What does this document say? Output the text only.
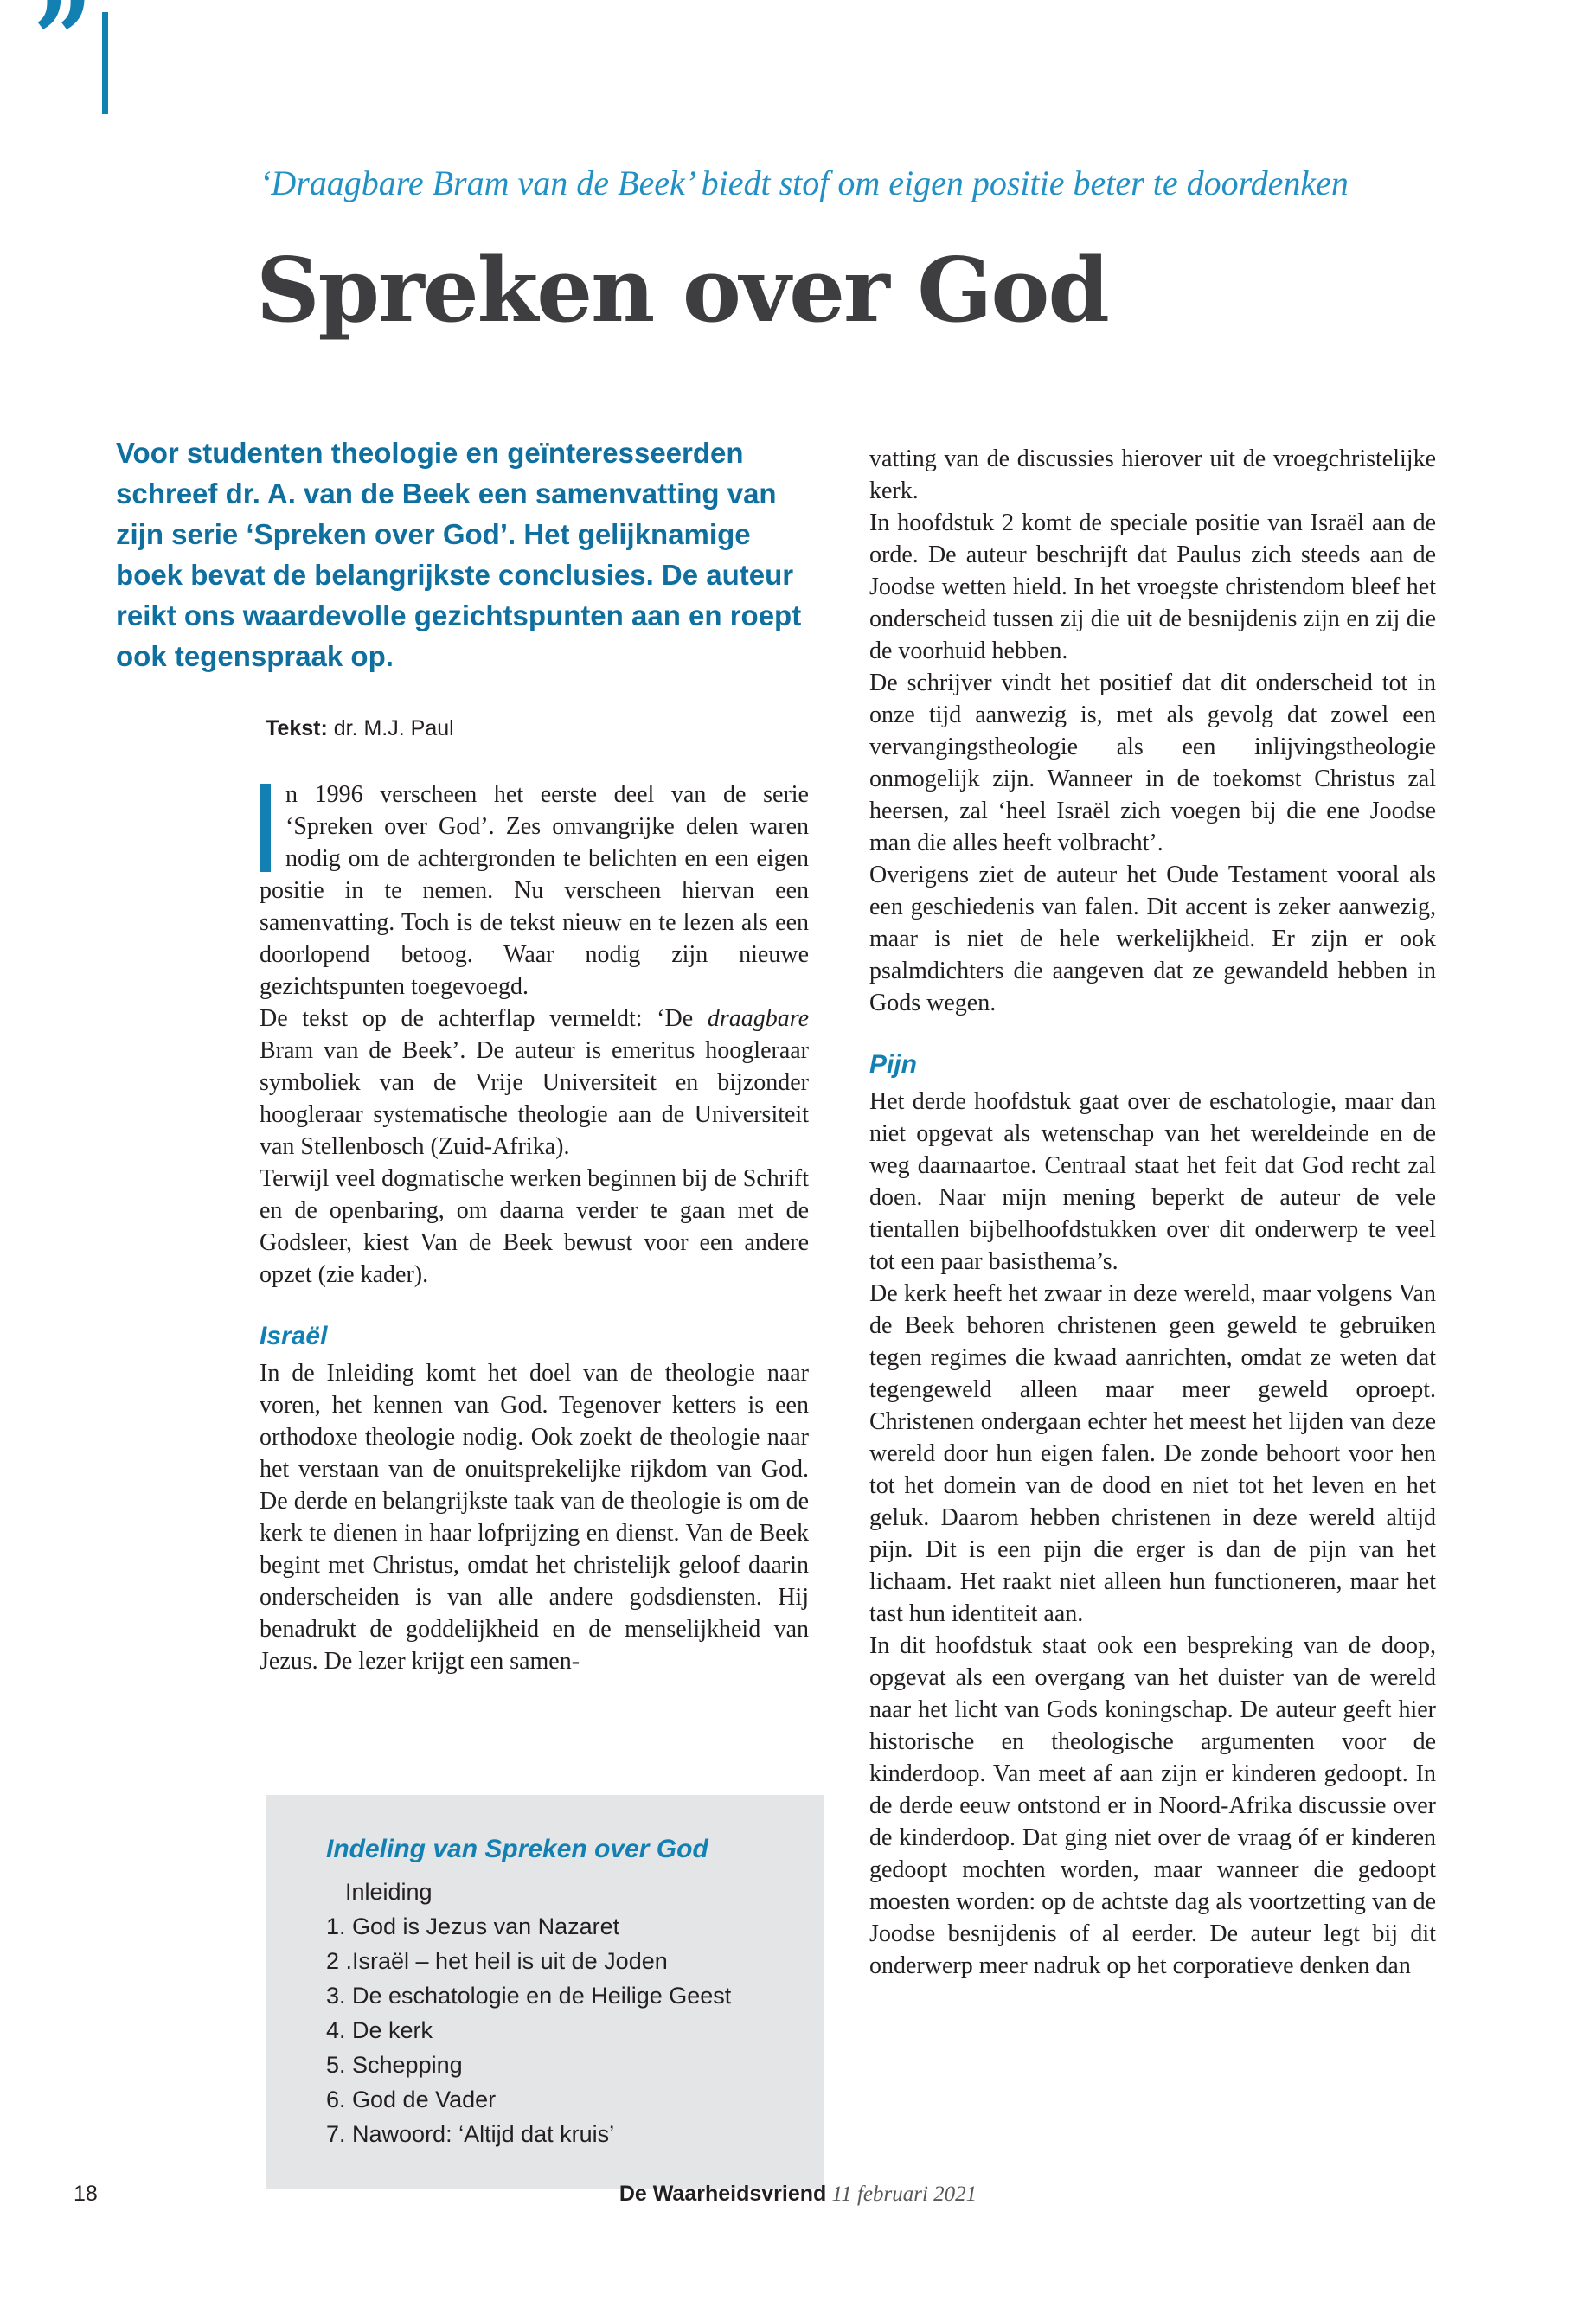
”
‘Draagbare Bram van de Beek’ biedt stof om eigen positie beter te doordenken
Spreken over God

Voor studenten theologie en geïnteresseerden schreef dr. A. van de Beek een samenvatting van zijn serie ‘Spreken over God’. Het gelijknamige boek bevat de belangrijkste conclusies. De auteur reikt ons waardevolle gezichtspunten aan en roept ook tegenspraak op.

Tekst: dr. M.J. Paul

n 1996 verscheen het eerste deel van de serie ‘Spreken over God’. Zes omvangrijke delen waren nodig om de achtergronden te belichten en een eigen positie in te nemen. Nu verscheen hiervan een samenvatting. Toch is de tekst nieuw en te lezen als een doorlopend betoog. Waar nodig zijn nieuwe gezichtspunten toegevoegd.

De tekst op de achterflap vermeldt: ‘De draagbare Bram van de Beek’. De auteur is emeritus hoogleraar symboliek van de Vrije Universiteit en bijzonder hoogleraar systematische theologie aan de Universiteit van Stellenbosch (Zuid-Afrika).

Terwijl veel dogmatische werken beginnen bij de Schrift en de openbaring, om daarna verder te gaan met de Godsleer, kiest Van de Beek bewust voor een andere opzet (zie kader).

Israël

In de Inleiding komt het doel van de theologie naar voren, het kennen van God. Tegenover ketters is een orthodoxe theologie nodig. Ook zoekt de theologie naar het verstaan van de onuitsprekelijke rijkdom van God. De derde en belangrijkste taak van de theologie is om de kerk te dienen in haar lofprijzing en dienst. Van de Beek begint met Christus, omdat het christelijk geloof daarin onderscheiden is van alle andere godsdiensten. Hij benadrukt de goddelijkheid en de menselijkheid van Jezus. De lezer krijgt een samen-

Indeling van Spreken over God
Inleiding
1. God is Jezus van Nazaret
2 .Israël – het heil is uit de Joden
3. De eschatologie en de Heilige Geest
4. De kerk
5. Schepping
6. God de Vader
7. Nawoord: ‘Altijd dat kruis’

vatting van de discussies hierover uit de vroegchristelijke kerk.

In hoofdstuk 2 komt de speciale positie van Israël aan de orde. De auteur beschrijft dat Paulus zich steeds aan de Joodse wetten hield. In het vroegste christendom bleef het onderscheid tussen zij die uit de besnijdenis zijn en zij die de voorhuid hebben.

De schrijver vindt het positief dat dit onderscheid tot in onze tijd aanwezig is, met als gevolg dat zowel een vervangingstheologie als een inlijvingstheologie onmogelijk zijn. Wanneer in de toekomst Christus zal heersen, zal ‘heel Israël zich voegen bij die ene Joodse man die alles heeft volbracht’.

Overigens ziet de auteur het Oude Testament vooral als een geschiedenis van falen. Dit accent is zeker aanwezig, maar is niet de hele werkelijkheid. Er zijn er ook psalmdichters die aangeven dat ze gewandeld hebben in Gods wegen.

Pijn

Het derde hoofdstuk gaat over de eschatologie, maar dan niet opgevat als wetenschap van het wereldeinde en de weg daarnaartoe. Centraal staat het feit dat God recht zal doen. Naar mijn mening beperkt de auteur de vele tientallen bijbelhoofdstukken over dit onderwerp te veel tot een paar basisthema’s.

De kerk heeft het zwaar in deze wereld, maar volgens Van de Beek behoren christenen geen geweld te gebruiken tegen regimes die kwaad aanrichten, omdat ze weten dat tegengeweld alleen maar meer geweld oproept. Christenen ondergaan echter het meest het lijden van deze wereld door hun eigen falen. De zonde behoort voor hen tot het domein van de dood en niet tot het leven en het geluk. Daarom hebben christenen in deze wereld altijd pijn. Dit is een pijn die erger is dan de pijn van het lichaam. Het raakt niet alleen hun functioneren, maar het tast hun identiteit aan.

In dit hoofdstuk staat ook een bespreking van de doop, opgevat als een overgang van het duister van de wereld naar het licht van Gods koningschap. De auteur geeft hier historische en theologische argumenten voor de kinderdoop. Van meet af aan zijn er kinderen gedoopt. In de derde eeuw ontstond er in Noord-Afrika discussie over de kinderdoop. Dat ging niet over de vraag óf er kinderen gedoopt mochten worden, maar wanneer die gedoopt moesten worden: op de achtste dag als voortzetting van de Joodse besnijdenis of al eerder. De auteur legt bij dit onderwerp meer nadruk op het corporatieve denken dan

18	De Waarheidsvriend 11 februari 2021
